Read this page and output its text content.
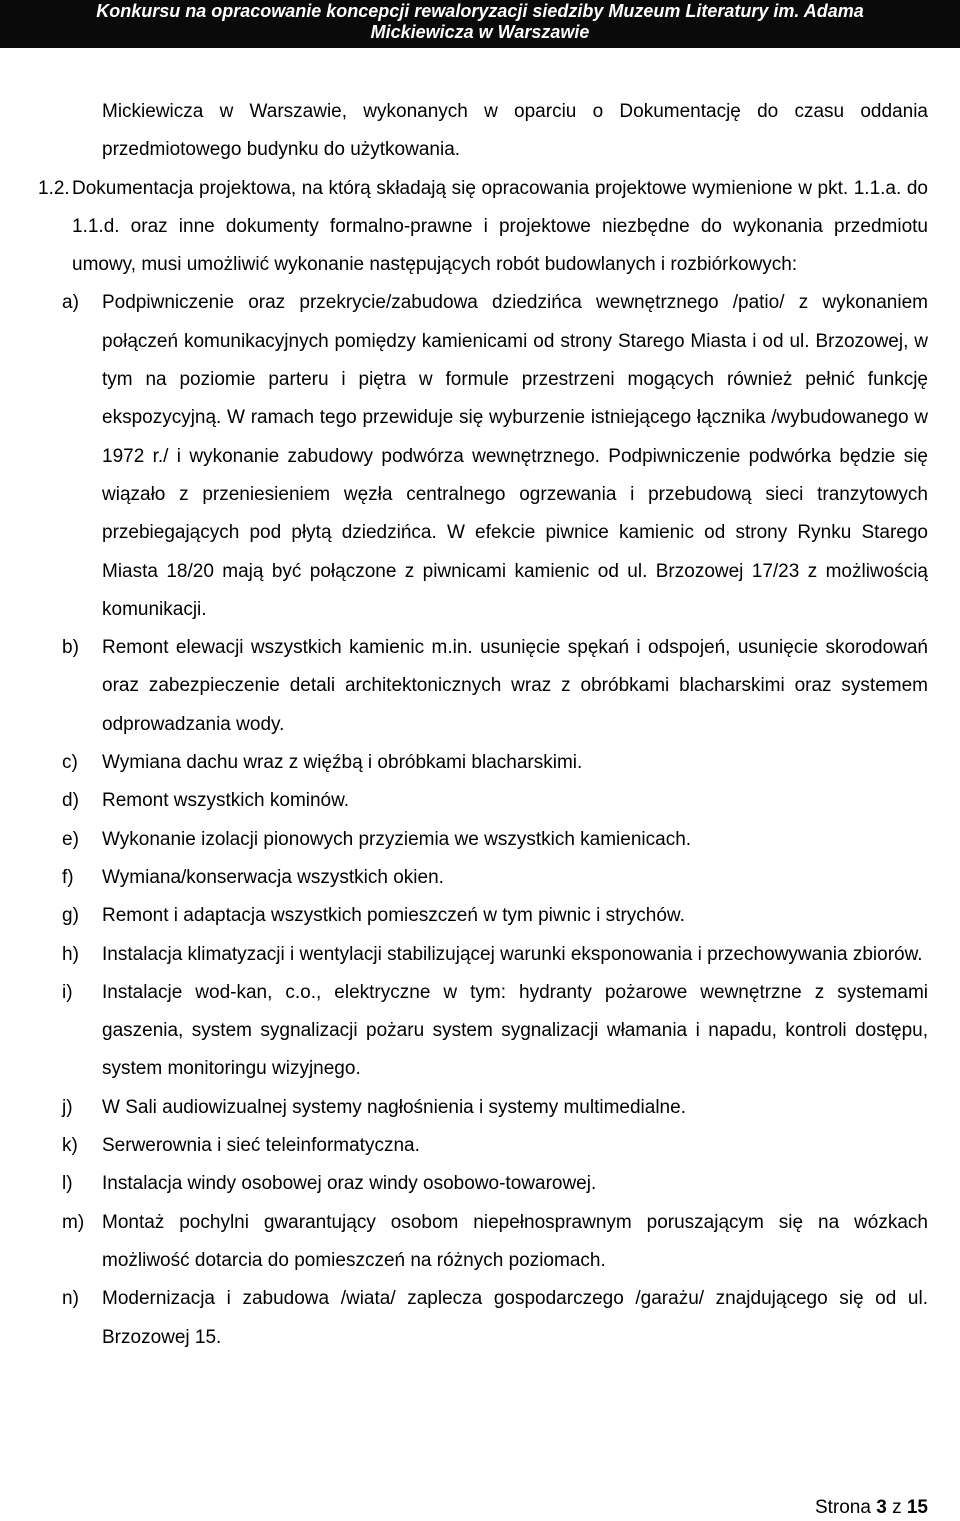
Konkursu na opracowanie koncepcji rewaloryzacji siedziby Muzeum Literatury im. Adama
Mickiewicza w Warszawie
Mickiewicza w Warszawie, wykonanych w oparciu o Dokumentację do czasu oddania przedmiotowego budynku do użytkowania.
1.2. Dokumentacja projektowa, na którą składają się opracowania projektowe wymienione w pkt. 1.1.a. do 1.1.d. oraz inne dokumenty formalno-prawne i projektowe niezbędne do wykonania przedmiotu umowy, musi umożliwić wykonanie następujących robót budowlanych i rozbiórkowych:
a) Podpiwniczenie oraz przekrycie/zabudowa dziedzińca wewnętrznego /patio/ z wykonaniem połączeń komunikacyjnych pomiędzy kamienicami od strony Starego Miasta i od ul. Brzozowej, w tym na poziomie parteru i piętra w formule przestrzeni mogących również pełnić funkcję ekspozycyjną. W ramach tego przewiduje się wyburzenie istniejącego łącznika /wybudowanego w 1972 r./ i wykonanie zabudowy podwórza wewnętrznego. Podpiwniczenie podwórka będzie się wiązało z przeniesieniem węzła centralnego ogrzewania i przebudową sieci tranzytowych przebiegających pod płytą dziedzińca. W efekcie piwnice kamienic od strony Rynku Starego Miasta 18/20 mają być połączone z piwnicami kamienic od ul. Brzozowej 17/23 z możliwością komunikacji.
b) Remont elewacji wszystkich kamienic m.in. usunięcie spękań i odspojeń, usunięcie skorodowań oraz zabezpieczenie detali architektonicznych wraz z obróbkami blacharskimi oraz systemem odprowadzania wody.
c) Wymiana dachu wraz z więźbą i obróbkami blacharskimi.
d) Remont wszystkich kominów.
e) Wykonanie izolacji pionowych przyziemia we wszystkich kamienicach.
f) Wymiana/konserwacja wszystkich okien.
g) Remont i adaptacja wszystkich pomieszczeń w tym piwnic i strychów.
h) Instalacja klimatyzacji i wentylacji stabilizującej warunki eksponowania i przechowywania zbiorów.
i) Instalacje wod-kan, c.o., elektryczne w tym: hydranty pożarowe wewnętrzne z systemami gaszenia, system sygnalizacji pożaru system sygnalizacji włamania i napadu, kontroli dostępu, system monitoringu wizyjnego.
j) W Sali audiowizualnej systemy nagłośnienia i systemy multimedialne.
k) Serwerownia i sieć teleinformatyczna.
l) Instalacja windy osobowej oraz windy osobowo-towarowej.
m) Montaż pochylni gwarantujący osobom niepełnosprawnym poruszającym się na wózkach możliwość dotarcia do pomieszczeń na różnych poziomach.
n) Modernizacja i zabudowa /wiata/ zaplecza gospodarczego /garażu/ znajdującego się od ul. Brzozowej 15.
Strona 3 z 15
